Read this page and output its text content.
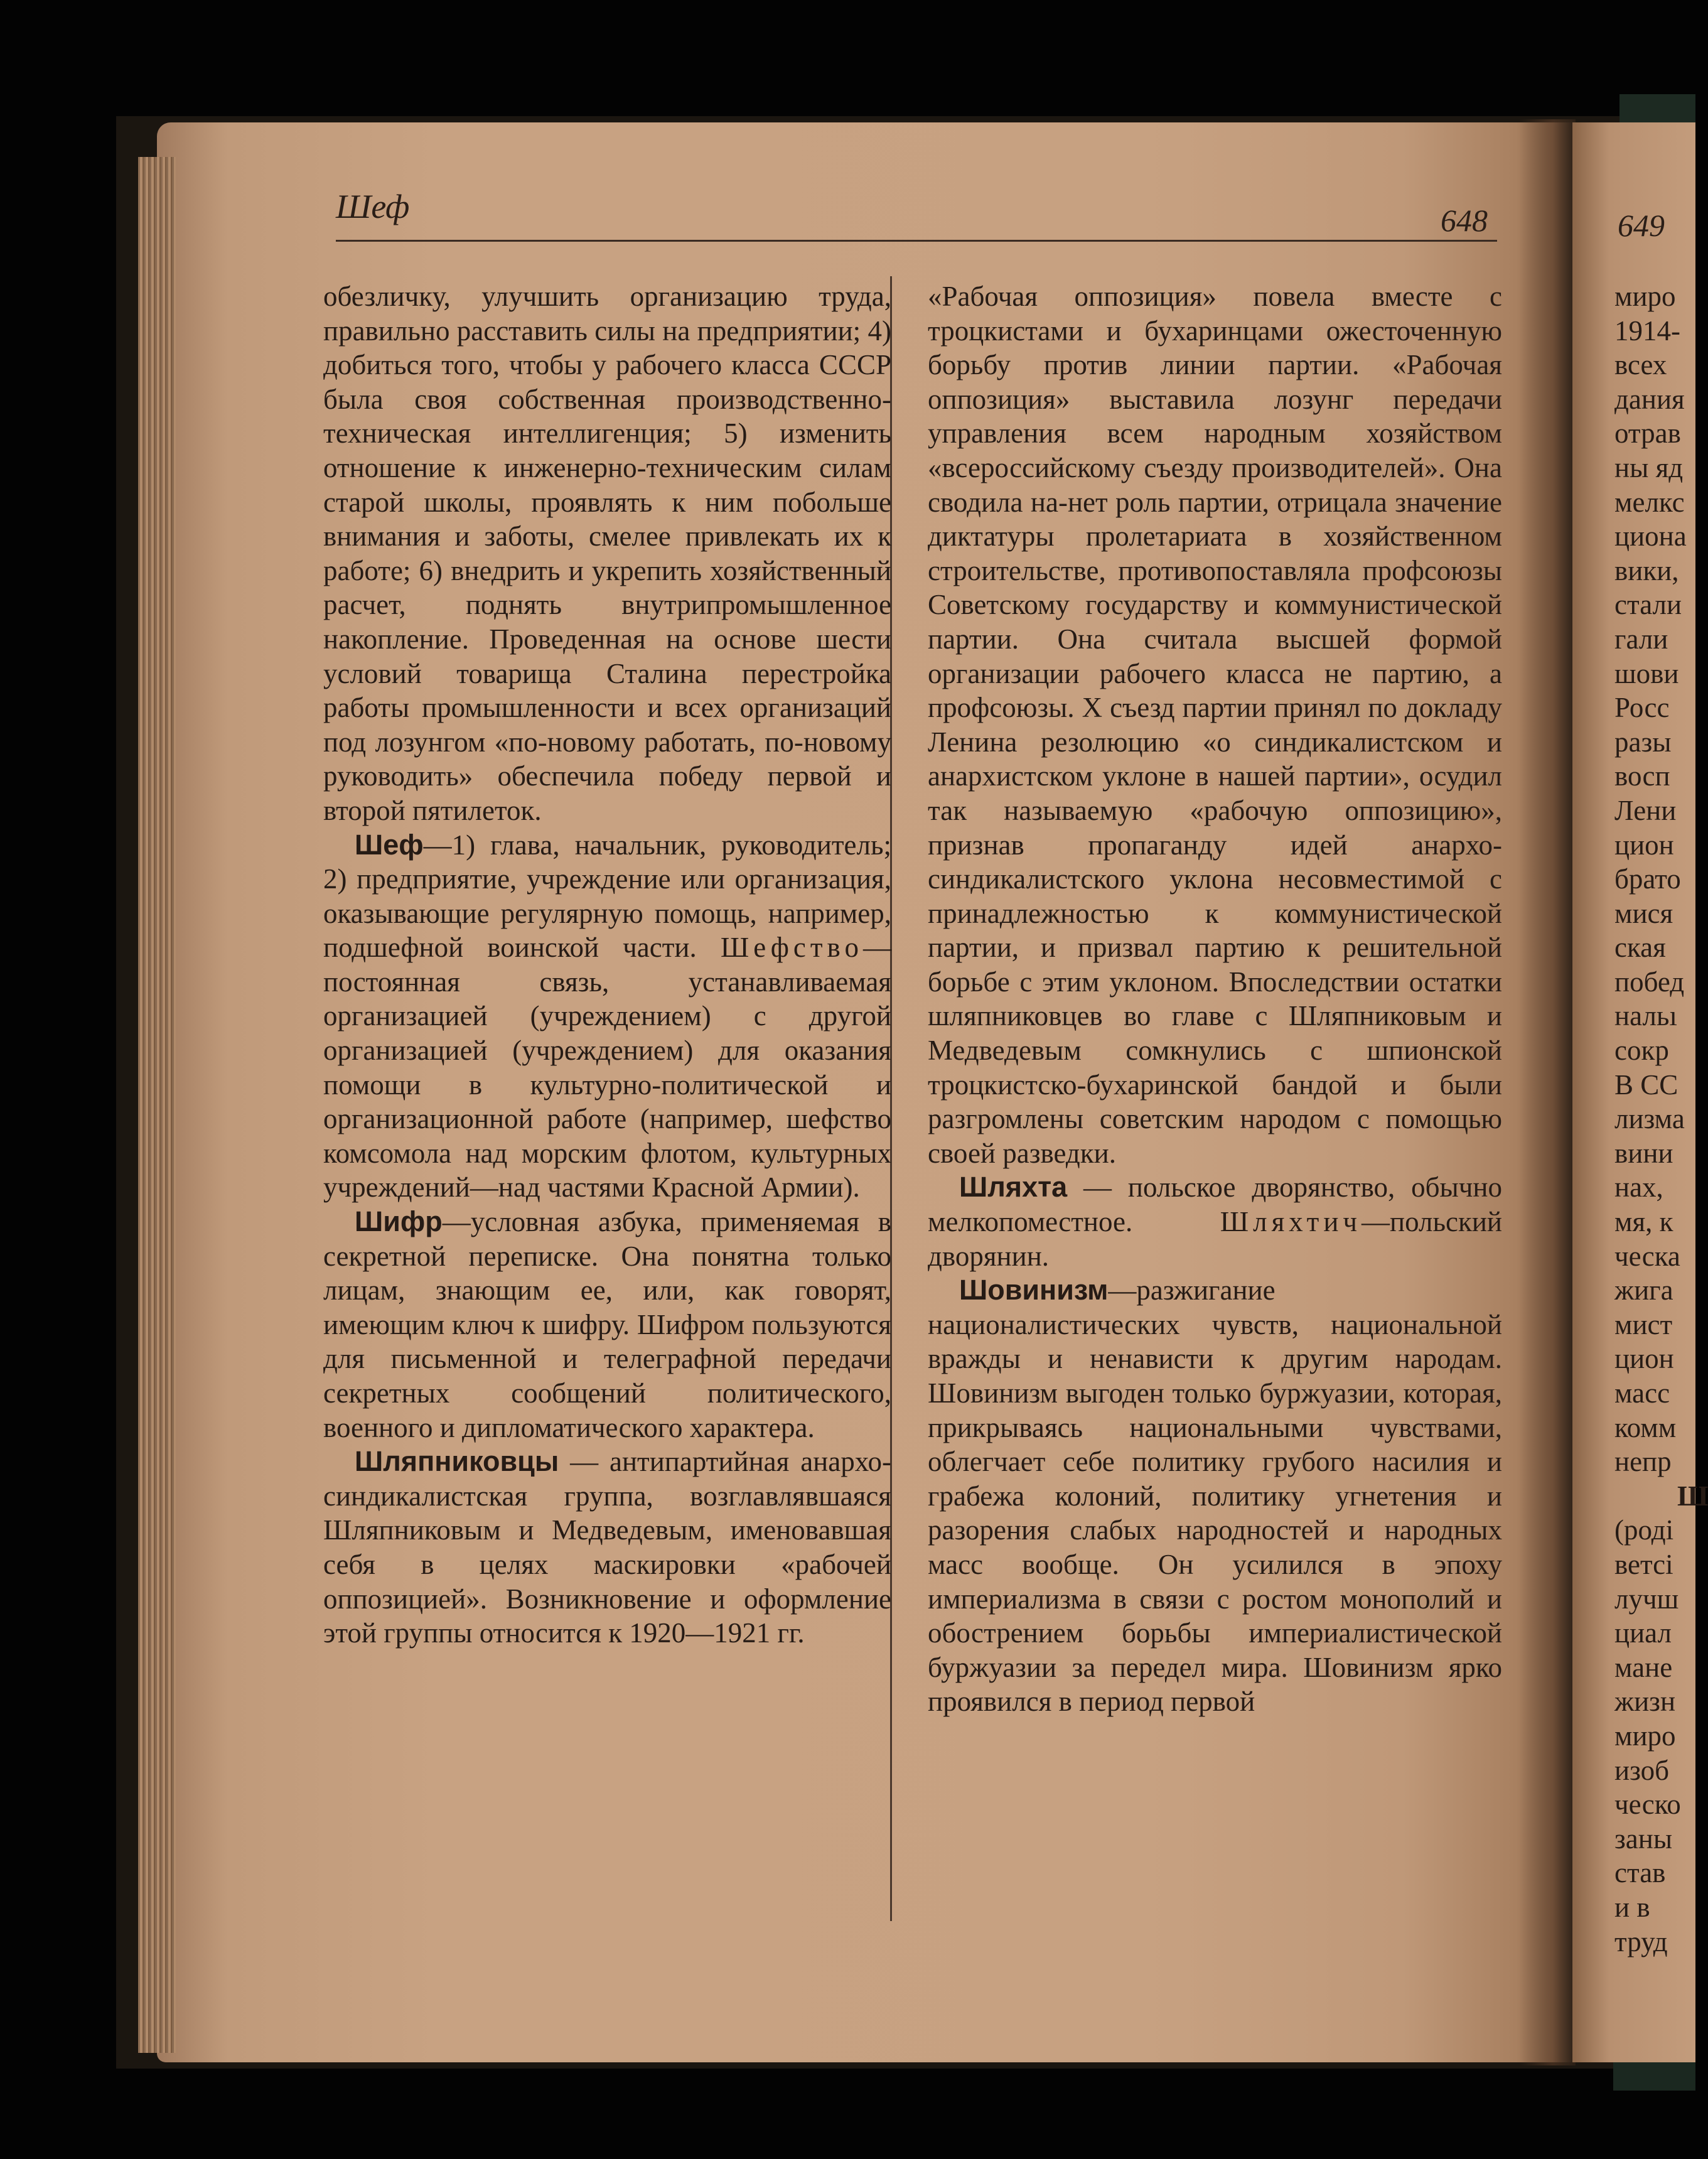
Шеф	648	649

обезличку, улучшить организацию труда, правильно расставить силы на предприятии; 4) добиться того, чтобы у рабочего класса СССР была своя собственная производственно-техническая интеллигенция; 5) изменить отношение к инженерно-техническим силам старой школы, проявлять к ним побольше внимания и заботы, смелее привлекать их к работе; 6) внедрить и укрепить хозяйственный расчет, поднять внутрипромышленное накопление. Проведенная на основе шести условий товарища Сталина перестройка работы промышленности и всех организаций под лозунгом «по-новому работать, по-новому руководить» обеспечила победу первой и второй пятилеток.

Шеф—1) глава, начальник, руководитель; 2) предприятие, учреждение или организация, оказывающие регулярную помощь, например, подшефной воинской части. Шефство—постоянная связь, устанавливаемая организацией (учреждением) с другой организацией (учреждением) для оказания помощи в культурно-политической и организационной работе (например, шефство комсомола над морским флотом, культурных учреждений—над частями Красной Армии).

Шифр—условная азбука, применяемая в секретной переписке. Она понятна только лицам, знающим ее, или, как говорят, имеющим ключ к шифру. Шифром пользуются для письменной и телеграфной передачи секретных сообщений политического, военного и дипломатического характера.

Шляпниковцы — антипартийная анархо-синдикалистская группа, возглавлявшаяся Шляпниковым и Медведевым, именовавшая себя в целях маскировки «рабочей оппозицией». Возникновение и оформление этой группы относится к 1920—1921 гг.

«Рабочая оппозиция» повела вместе с троцкистами и бухаринцами ожесточенную борьбу против линии партии. «Рабочая оппозиция» выставила лозунг передачи управления всем народным хозяйством «всероссийскому съезду производителей». Она сводила на-нет роль партии, отрицала значение диктатуры пролетариата в хозяйственном строительстве, противопоставляла профсоюзы Советскому государству и коммунистической партии. Она считала высшей формой организации рабочего класса не партию, а профсоюзы. X съезд партии принял по докладу Ленина резолюцию «о синдикалистском и анархистском уклоне в нашей партии», осудил так называемую «рабочую оппозицию», признав пропаганду идей анархо-синдикалистского уклона несовместимой с принадлежностью к коммунистической партии, и призвал партию к решительной борьбе с этим уклоном. Впоследствии остатки шляпниковцев во главе с Шляпниковым и Медведевым сомкнулись с шпионской троцкистско-бухаринской бандой и были разгромлены советским народом с помощью своей разведки.

Шляхта — польское дворянство, обычно мелкопоместное.	Шляхтич—польский дворянин.

Шовинизм—разжигание националистических чувств, национальной вражды и ненависти к другим народам. Шовинизм выгоден только буржуазии, которая, прикрываясь национальными чувствами, облегчает себе политику грубого насилия и грабежа колоний, политику угнетения и разорения слабых народностей и народных масс вообще. Он усилился в эпоху империализма в связи с ростом монополий и обострением борьбы империалистической буржуазии за передел мира. Шовинизм ярко проявился в период первой

миро
1914-
всех
дания
отрав
ны яд
мелкс
циона
вики,
стали
гали
шови
Росс
разы
восп
Лени
цион
брато
мися
ская
побед
нальı
сокр
В СС
лизма
вини
нах,
мя, к
ческа
жига
мист
цион
масс
комм
непр
Ш
(роді
ветсі
лучш
циал
мане
жизн
миро
изоб
ческо
заны
став
и в
труд
